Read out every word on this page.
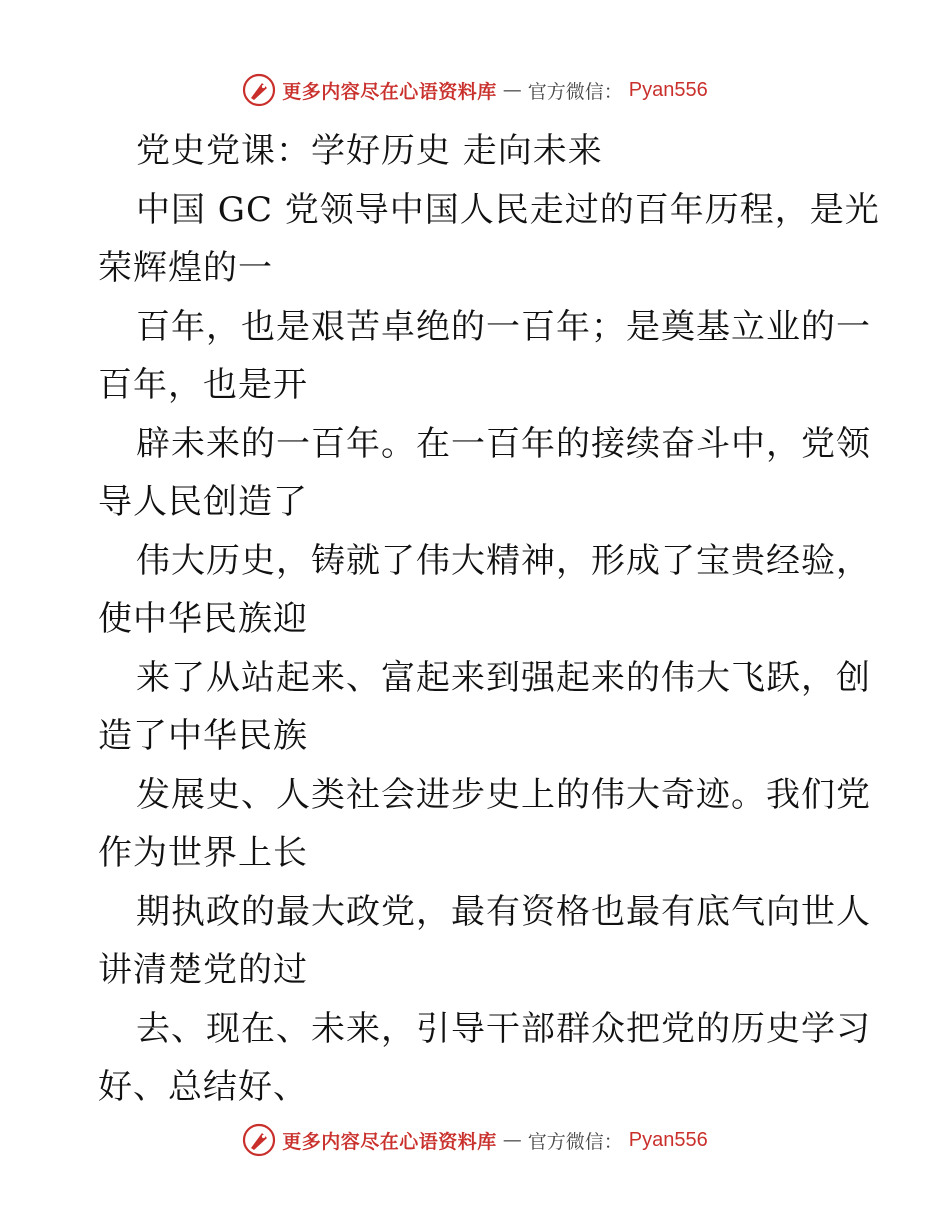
更多内容尽在心语资料库 — 官方微信： Pyan556
党史党课：学好历史 走向未来
中国 GC 党领导中国人民走过的百年历程，是光
荣辉煌的一
百年，也是艰苦卓绝的一百年；是奠基立业的一
百年，也是开
辟未来的一百年。在一百年的接续奋斗中，党领
导人民创造了
伟大历史，铸就了伟大精神，形成了宝贵经验，
使中华民族迎
来了从站起来、富起来到强起来的伟大飞跃，创
造了中华民族
发展史、人类社会进步史上的伟大奇迹。我们党
作为世界上长
期执政的最大政党，最有资格也最有底气向世人
讲清楚党的过
去、现在、未来，引导干部群众把党的历史学习
好、总结好、
更多内容尽在心语资料库 — 官方微信： Pyan556
